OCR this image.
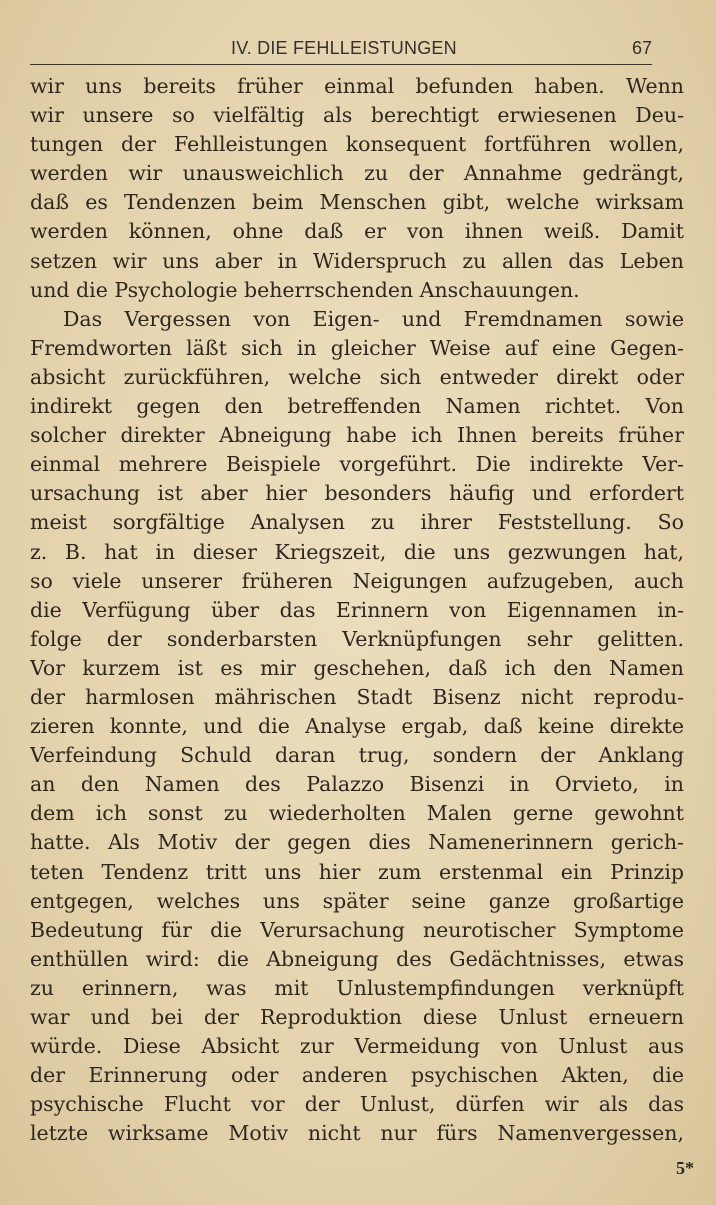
IV. DIE FEHLLEISTUNGEN	67
wir uns bereits früher einmal befunden haben. Wenn
wir unsere so vielfältig als berechtigt erwiesenen Deu-
tungen der Fehlleistungen konsequent fortführen wollen,
werden wir unausweichlich zu der Annahme gedrängt,
daß es Tendenzen beim Menschen gibt, welche wirksam
werden können, ohne daß er von ihnen weiß. Damit
setzen wir uns aber in Widerspruch zu allen das Leben
und die Psychologie beherrschenden Anschauungen.
Das Vergessen von Eigen- und Fremdnamen sowie
Fremdworten läßt sich in gleicher Weise auf eine Gegen-
absicht zurückführen, welche sich entweder direkt oder
indirekt gegen den betreffenden Namen richtet. Von
solcher direkter Abneigung habe ich Ihnen bereits früher
einmal mehrere Beispiele vorgeführt. Die indirekte Ver-
ursachung ist aber hier besonders häufig und erfordert
meist sorgfältige Analysen zu ihrer Feststellung. So
z. B. hat in dieser Kriegszeit, die uns gezwungen hat,
so viele unserer früheren Neigungen aufzugeben, auch
die Verfügung über das Erinnern von Eigennamen in-
folge der sonderbarsten Verknüpfungen sehr gelitten.
Vor kurzem ist es mir geschehen, daß ich den Namen
der harmlosen mährischen Stadt Bisenz nicht reprodu-
zieren konnte, und die Analyse ergab, daß keine direkte
Verfeindung Schuld daran trug, sondern der Anklang
an den Namen des Palazzo Bisenzi in Orvieto, in
dem ich sonst zu wiederholten Malen gerne gewohnt
hatte. Als Motiv der gegen dies Namenerinnern gerich-
teten Tendenz tritt uns hier zum erstenmal ein Prinzip
entgegen, welches uns später seine ganze großartige
Bedeutung für die Verursachung neurotischer Symptome
enthüllen wird: die Abneigung des Gedächtnisses, etwas
zu erinnern, was mit Unlustempfindungen verknüpft
war und bei der Reproduktion diese Unlust erneuern
würde. Diese Absicht zur Vermeidung von Unlust aus
der Erinnerung oder anderen psychischen Akten, die
psychische Flucht vor der Unlust, dürfen wir als das
letzte wirksame Motiv nicht nur fürs Namenvergessen,
5*
